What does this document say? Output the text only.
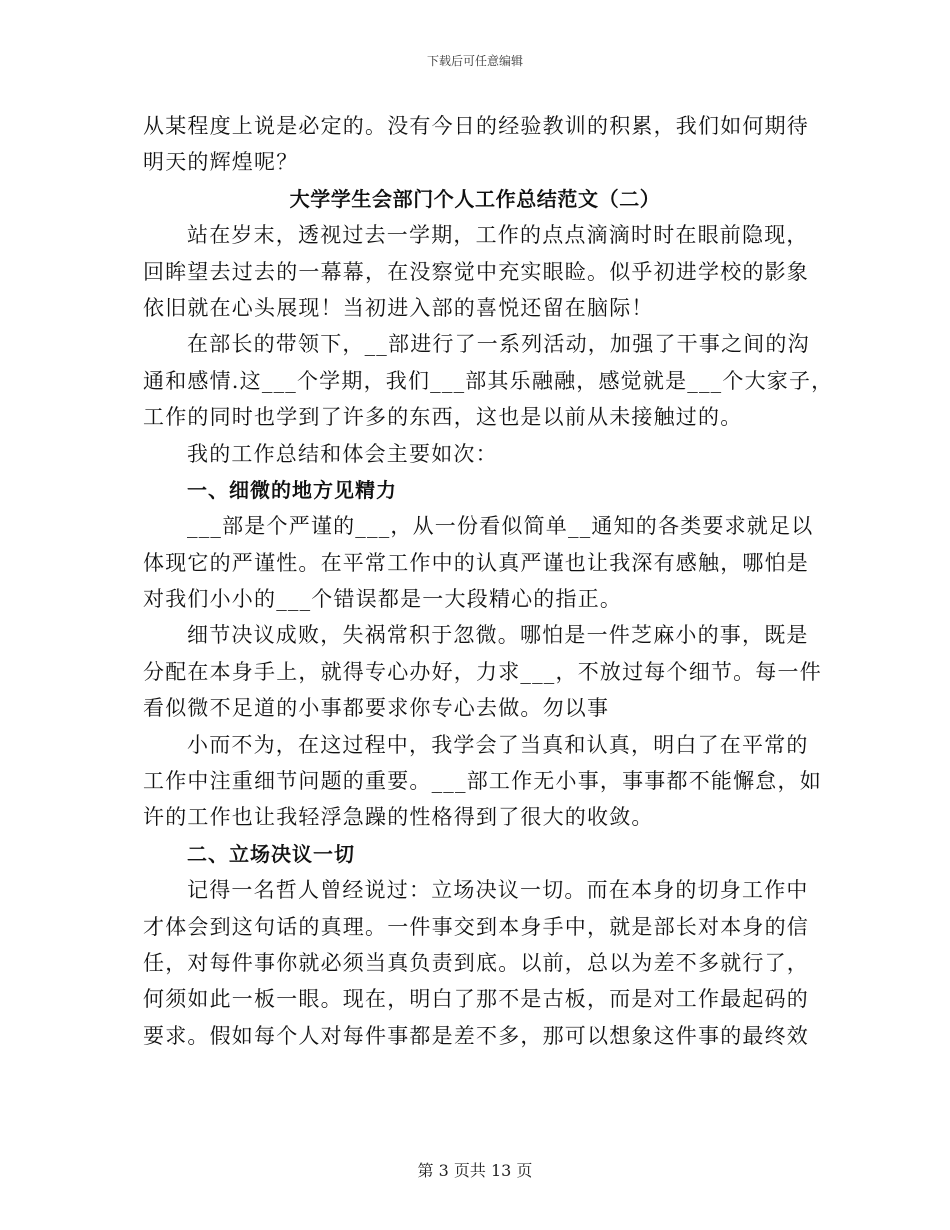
下载后可任意编辑
从某程度上说是必定的。没有今日的经验教训的积累，我们如何期待
明天的辉煌呢？
大学学生会部门个人工作总结范文（二）
站在岁末，透视过去一学期，工作的点点滴滴时时在眼前隐现，
回眸望去过去的一幕幕，在没察觉中充实眼睑。似乎初进学校的影象
依旧就在心头展现！当初进入部的喜悦还留在脑际！
在部长的带领下，__部进行了一系列活动，加强了干事之间的沟
通和感情.这___个学期，我们___部其乐融融，感觉就是___个大家子，
工作的同时也学到了许多的东西，这也是以前从未接触过的。
我的工作总结和体会主要如次：
一、细微的地方见精力
___部是个严谨的___，从一份看似简单__通知的各类要求就足以
体现它的严谨性。在平常工作中的认真严谨也让我深有感触，哪怕是
对我们小小的___个错误都是一大段精心的指正。
细节决议成败，失祸常积于忽微。哪怕是一件芝麻小的事，既是
分配在本身手上，就得专心办好，力求___，不放过每个细节。每一件
看似微不足道的小事都要求你专心去做。勿以事
小而不为，在这过程中，我学会了当真和认真，明白了在平常的
工作中注重细节问题的重要。___部工作无小事，事事都不能懈怠，如
许的工作也让我轻浮急躁的性格得到了很大的收敛。
二、立场决议一切
记得一名哲人曾经说过：立场决议一切。而在本身的切身工作中
才体会到这句话的真理。一件事交到本身手中，就是部长对本身的信
任，对每件事你就必须当真负责到底。以前，总以为差不多就行了，
何须如此一板一眼。现在，明白了那不是古板，而是对工作最起码的
要求。假如每个人对每件事都是差不多，那可以想象这件事的最终效
第 3 页共 13 页
